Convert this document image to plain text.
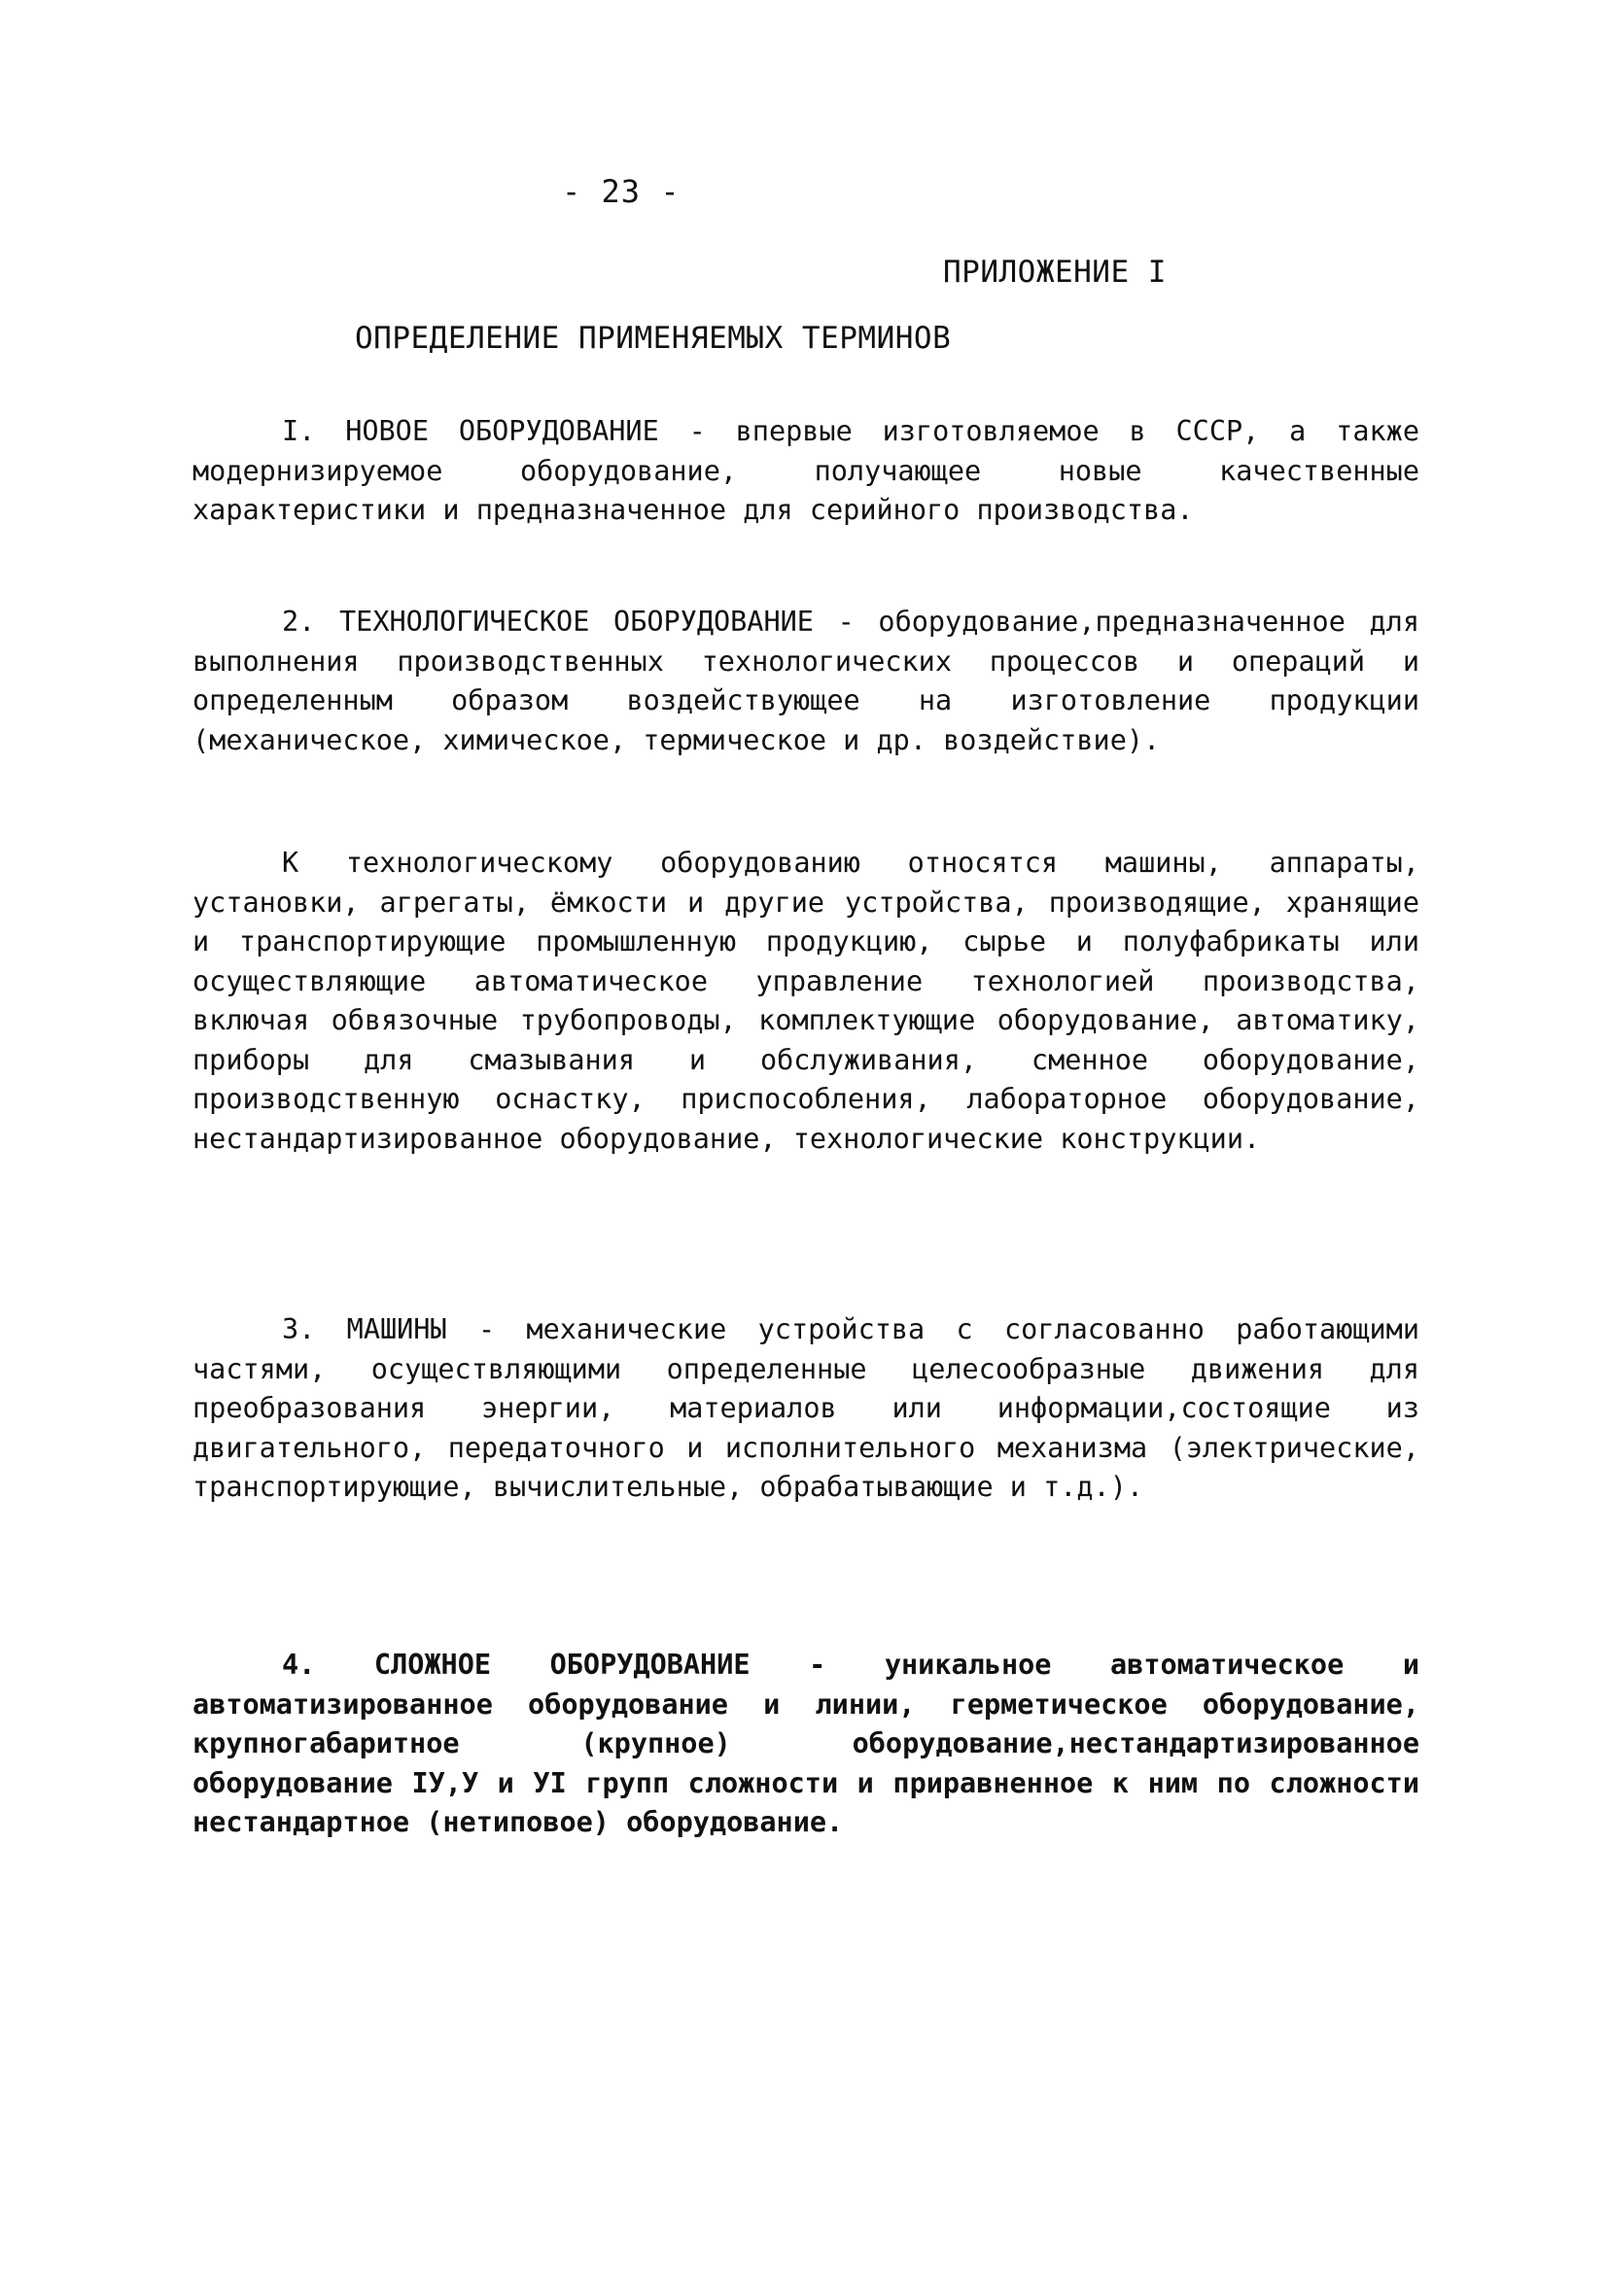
- 23 -
ПРИЛОЖЕНИЕ I
ОПРЕДЕЛЕНИЕ ПРИМЕНЯЕМЫХ ТЕРМИНОВ

I. НОВОЕ ОБОРУДОВАНИЕ - впервые изготовляемое в СССР, а также модернизируемое оборудование, получающее новые качественные характеристики и предназначенное для серийного производства.

2. ТЕХНОЛОГИЧЕСКОЕ ОБОРУДОВАНИЕ - оборудование,предназначенное для выполнения производственных технологических процессов и операций и определенным образом воздействующее на изготовление продукции (механическое, химическое, термическое и др. воздействие).

К технологическому оборудованию относятся машины, аппараты, установки, агрегаты, ёмкости и другие устройства, производящие, хранящие и транспортирующие промышленную продукцию, сырье и полуфабрикаты или осуществляющие автоматическое управление технологией производства, включая обвязочные трубопроводы, комплектующие оборудование, автоматику, приборы для смазывания и обслуживания, сменное оборудование, производственную оснастку, приспособления, лабораторное оборудование, нестандартизированное оборудование, технологические конструкции.

3. МАШИНЫ - механические устройства с согласованно работающими частями, осуществляющими определенные целесообразные движения для преобразования энергии, материалов или информации,состоящие из двигательного, передаточного и исполнительного механизма (электрические, транспортирующие, вычислительные, обрабатывающие и т.д.).

4. СЛОЖНОЕ ОБОРУДОВАНИЕ - уникальное автоматическое и автоматизированное оборудование и линии, герметическое оборудование, крупногабаритное (крупное) оборудование,нестандартизированное оборудование IУ,У и УI групп сложности и приравненное к ним по сложности нестандартное (нетиповое) оборудование.
